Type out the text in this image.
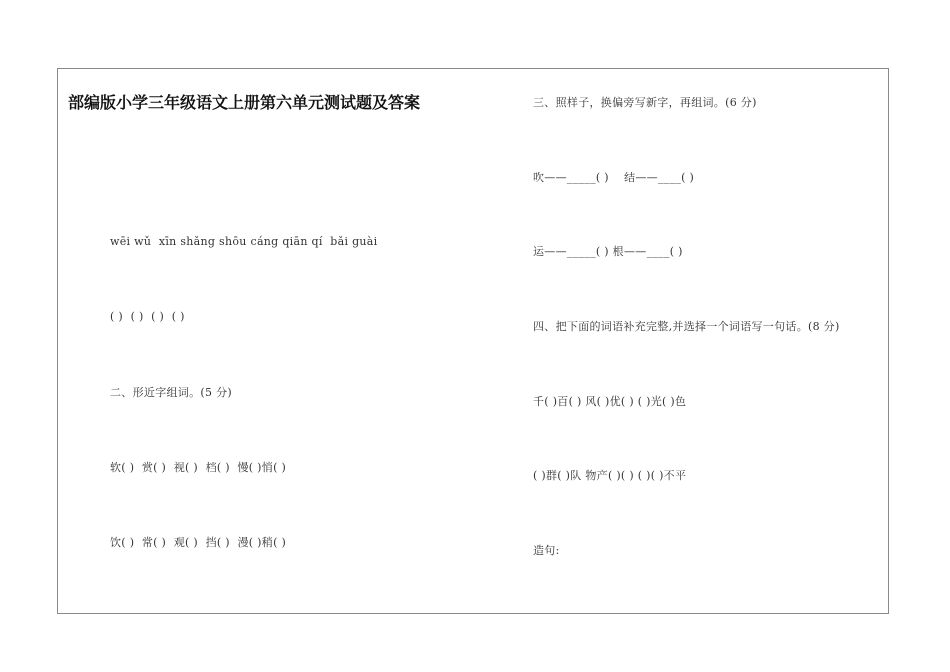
部编版小学三年级语文上册第六单元测试题及答案
wēi wǔ  xīn shǎng shōu cáng qiān qí  bǎi guài
( )  ( )  ( )  ( )
二、形近字组词。(5 分)
软( )  赏( )  视( )  档( )  慢( )悄( )
饮( )  常( )  观( )  挡( )  漫( )稍( )
三、照样子，换偏旁写新字，再组词。(6 分)
吹——_____( )    结——____( )
运——_____( ) 根——____( )
四、把下面的词语补充完整,并选择一个词语写一句话。(8 分)
千( )百( ) 风( )优( ) ( )光( )色
( )群( )队 物产( )( ) ( )( )不平
造句:
